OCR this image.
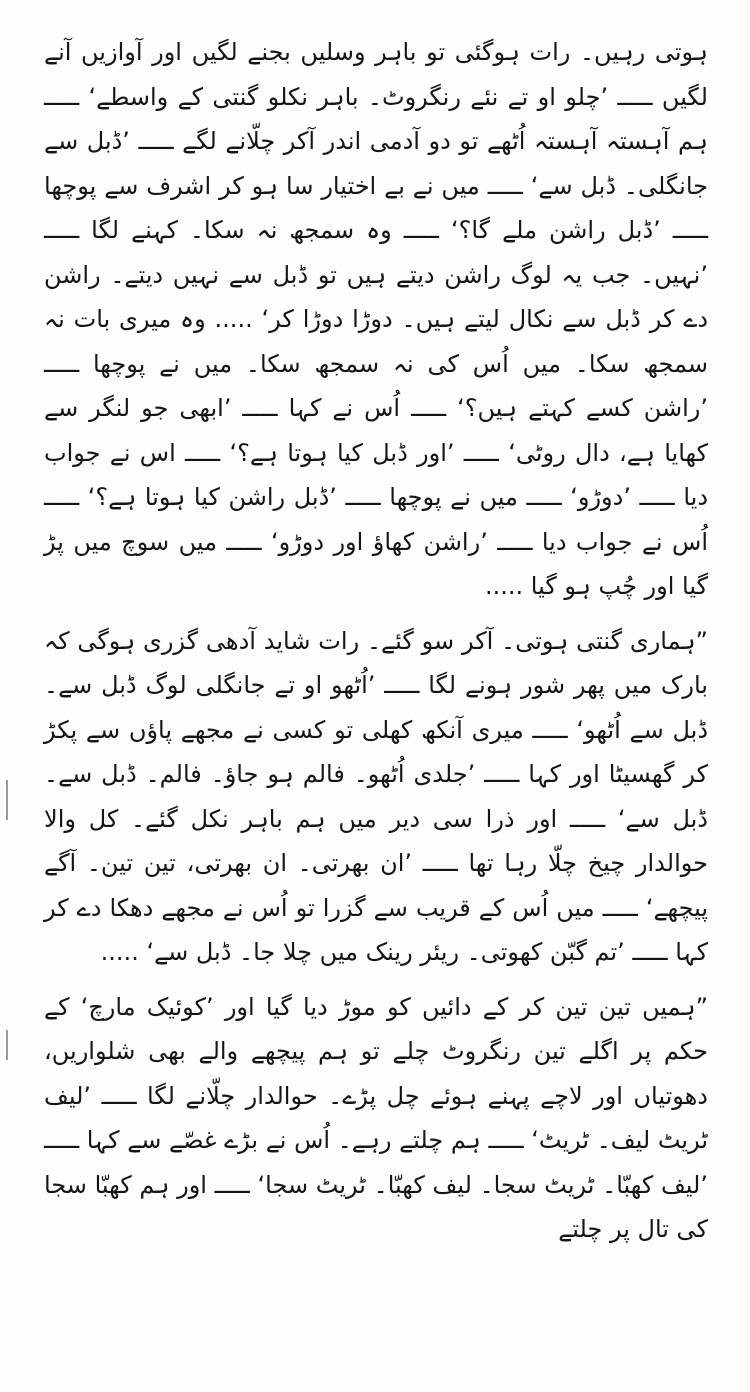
ہوتی رہیں۔ رات ہوگئی تو باہر وسلیں بجنے لگیں اور آوازیں آنے لگیں ـــــ ’چلو او تے نئے رنگروٹ۔ باہر نکلو گنتی کے واسطے‘ ـــــ ہم آہستہ آہستہ اُٹھے تو دو آدمی اندر آکر چلّانے لگے ـــــ ’ڈبل سے جانگلی۔ ڈبل سے‘ ـــــ میں نے بے اختیار سا ہو کر اشرف سے پوچھا ـــــ ’ڈبل راشن ملے گا؟‘ ـــــ وہ سمجھ نہ سکا۔ کہنے لگا ـــــ ’نہیں۔ جب یہ لوگ راشن دیتے ہیں تو ڈبل سے نہیں دیتے۔ راشن دے کر ڈبل سے نکال لیتے ہیں۔ دوڑا دوڑا کر‘ ..... وہ میری بات نہ سمجھ سکا۔ میں اُس کی نہ سمجھ سکا۔ میں نے پوچھا ـــــ ’راشن کسے کہتے ہیں؟‘ ـــــ اُس نے کہا ـــــ ’ابھی جو لنگر سے کھایا ہے، دال روٹی‘ ـــــ ’اور ڈبل کیا ہوتا ہے؟‘ ـــــ اس نے جواب دیا ـــــ ’دوڑو‘ ـــــ میں نے پوچھا ـــــ ’ڈبل راشن کیا ہوتا ہے؟‘ ـــــ اُس نے جواب دیا ـــــ ’راشن کھاؤ اور دوڑو‘ ـــــ میں سوچ میں پڑ گیا اور چُپ ہو گیا .....

”ہماری گنتی ہوتی۔ آکر سو گئے۔ رات شاید آدھی گزری ہوگی کہ بارک میں پھر شور ہونے لگا ـــــ ’اُٹھو او تے جانگلی لوگ ڈبل سے۔ ڈبل سے اُٹھو‘ ـــــ میری آنکھ کھلی تو کسی نے مجھے پاؤں سے پکڑ کر گھسیٹا اور کہا ـــــ ’جلدی اُٹھو۔ فالم ہو جاؤ۔ فالم۔ ڈبل سے۔ ڈبل سے‘ ـــــ اور ذرا سی دیر میں ہم باہر نکل گئے۔ کل والا حوالدار چیخ چلّا رہا تھا ـــــ ’ان بھرتی۔ ان بھرتی، تین تین۔ آگے پیچھے‘ ـــــ میں اُس کے قریب سے گزرا تو اُس نے مجھے دھکا دے کر کہا ـــــ ’تم گبّن کھوتی۔ ریئر رینک میں چلا جا۔ ڈبل سے‘ .....

”ہمیں تین تین کر کے دائیں کو موڑ دیا گیا اور ’کوئیک مارچ‘ کے حکم پر اگلے تین رنگروٹ چلے تو ہم پیچھے والے بھی شلواریں، دھوتیاں اور لاچے پہنے ہوئے چل پڑے۔ حوالدار چلّانے لگا ـــــ ’لیف ٹریٹ لیف۔ ٹریٹ‘ ـــــ ہم چلتے رہے۔ اُس نے بڑے غصّے سے کہا ـــــ ’لیف کھبّا۔ ٹریٹ سجا۔ لیف کھبّا۔ ٹریٹ سجا‘ ـــــ اور ہم کھبّا سجا کی تال پر چلتے
